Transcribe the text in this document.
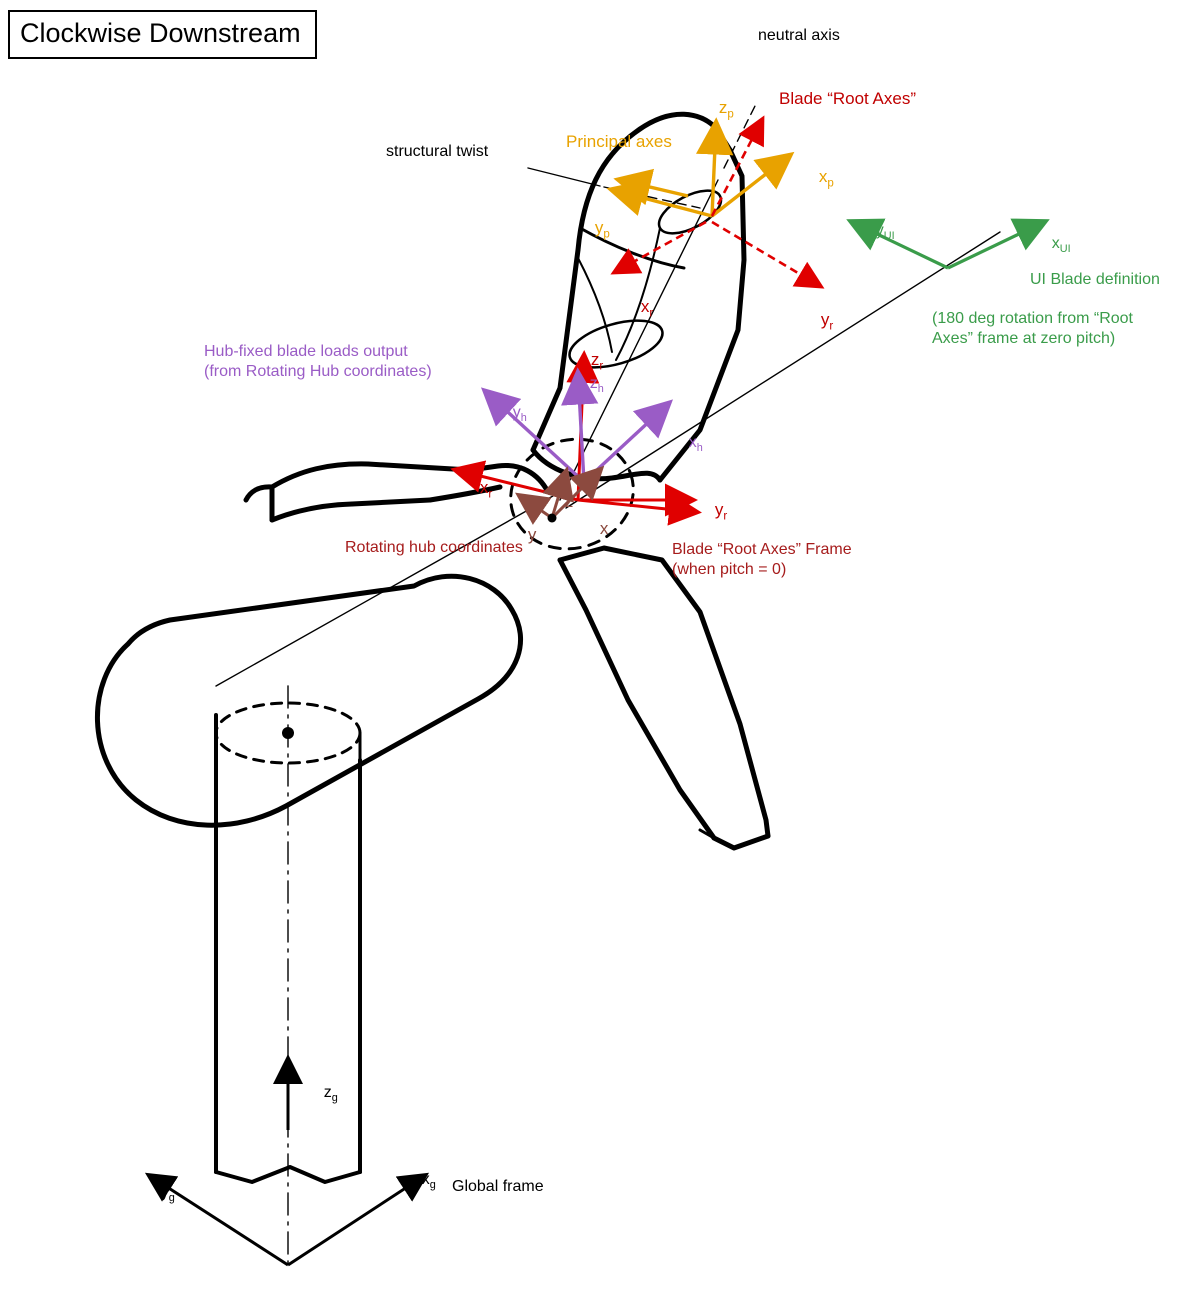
Clockwise Downstream	neutral axis
structural twist
Principal axes
Blade “Root Axes”

$z_p$

$x_p$

$y_p$

$x_r$
	$y_r$

$z_r$

$z_h$

Hub-fixed blade loads output
(from Rotating Hub coordinates)

$y_h$

$x_h$

$x_r$

$y_r$

z

x

y

Rotating hub coordinates	Blade “Root Axes” Frame
(when pitch = 0)

$y_{UI}$
	$x_{UI}$

UI Blade definition
(180 deg rotation from “Root
Axes” frame at zero pitch)

$z_g$

$y_g$

$x_g$
Global frame
